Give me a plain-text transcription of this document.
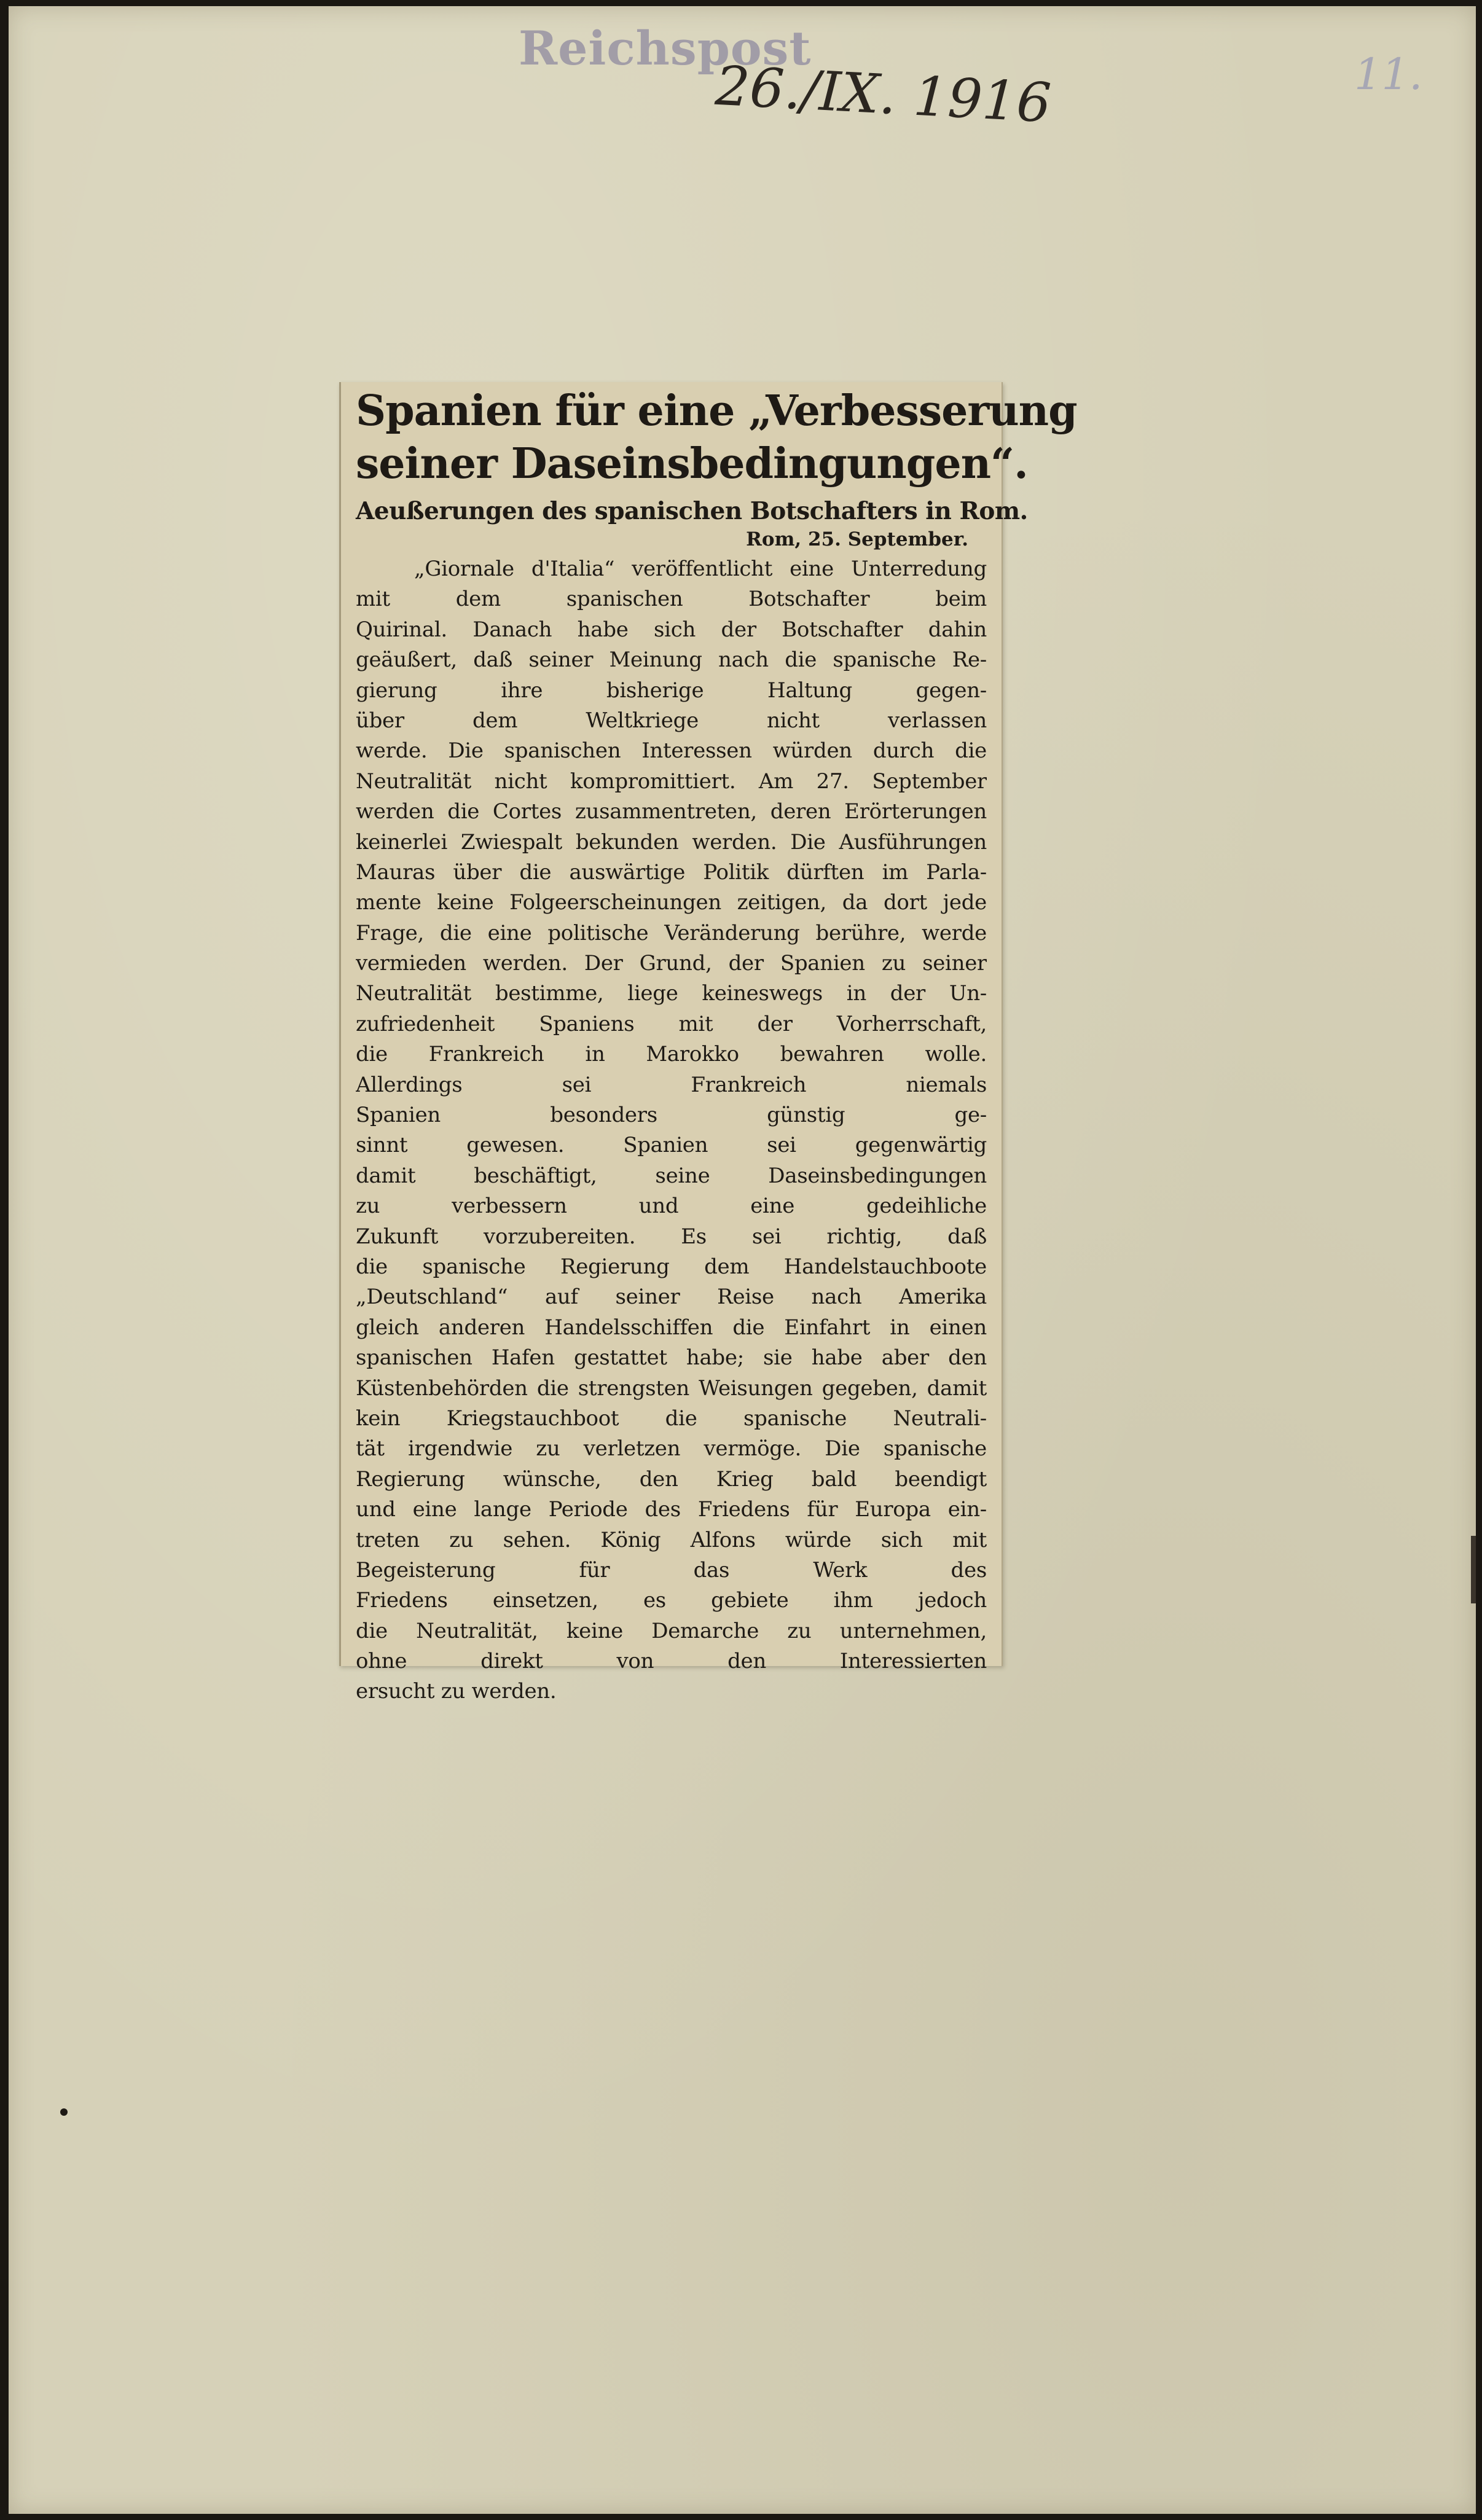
Reichspost
26./IX. 1916	11.
Spanien für eine „Verbesserung
seiner Daseinsbedingungen“.
Aeußerungen des spanischen Botschafters in Rom.
Rom, 25. September.
„Giornale d'Italia“ veröffentlicht eine Unterredung
mit dem spanischen Botschafter beim
Quirinal. Danach habe sich der Botschafter dahin
geäußert, daß seiner Meinung nach die spanische Re-
gierung ihre bisherige Haltung gegen-
über dem Weltkriege nicht verlassen
werde. Die spanischen Interessen würden durch die
Neutralität nicht kompromittiert. Am 27. September
werden die Cortes zusammentreten, deren Erörterungen
keinerlei Zwiespalt bekunden werden. Die Ausführungen
Mauras über die auswärtige Politik dürften im Parla-
mente keine Folgeerscheinungen zeitigen, da dort jede
Frage, die eine politische Veränderung berühre, werde
vermieden werden. Der Grund, der Spanien zu seiner
Neutralität bestimme, liege keineswegs in der Un-
zufriedenheit Spaniens mit der Vorherrschaft,
die Frankreich in Marokko bewahren wolle.
Allerdings sei Frankreich niemals
Spanien besonders günstig ge-
sinnt gewesen. Spanien sei gegenwärtig
damit beschäftigt, seine Daseinsbedingungen
zu verbessern und eine gedeihliche
Zukunft vorzubereiten. Es sei richtig, daß
die spanische Regierung dem Handelstauchboote
„Deutschland“ auf seiner Reise nach Amerika
gleich anderen Handelsschiffen die Einfahrt in einen
spanischen Hafen gestattet habe; sie habe aber den
Küstenbehörden die strengsten Weisungen gegeben, damit
kein Kriegstauchboot die spanische Neutrali-
tät irgendwie zu verletzen vermöge. Die spanische
Regierung wünsche, den Krieg bald beendigt
und eine lange Periode des Friedens für Europa ein-
treten zu sehen. König Alfons würde sich mit
Begeisterung für das Werk des
Friedens einsetzen, es gebiete ihm jedoch
die Neutralität, keine Demarche zu unternehmen,
ohne direkt von den Interessierten
ersucht zu werden.
